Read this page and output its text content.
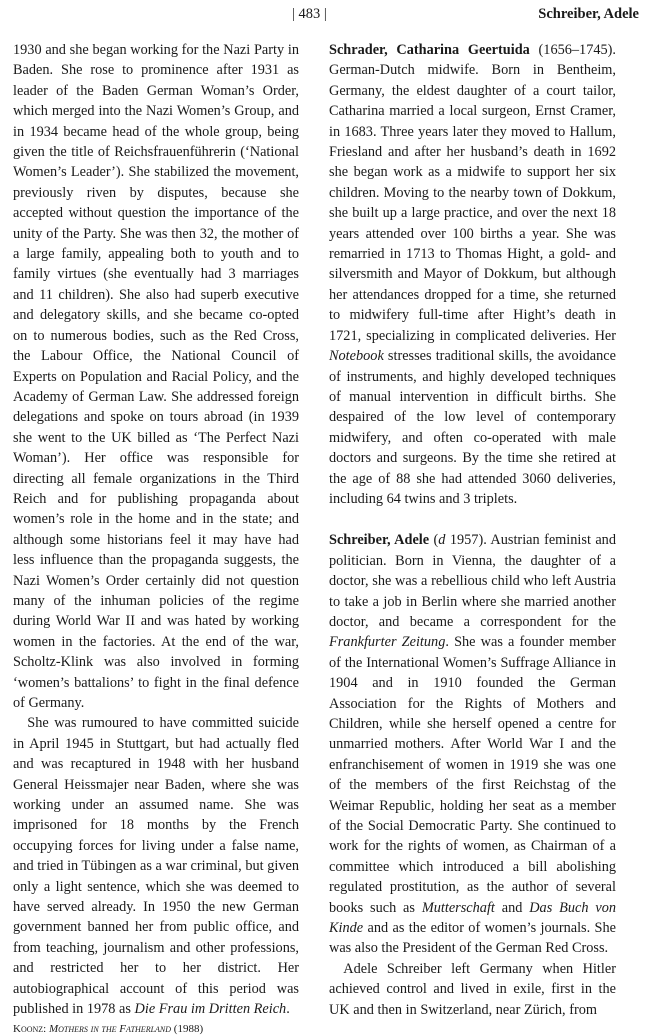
| 483 |	Schreiber, Adele

1930 and she began working for the Nazi Party in Baden. She rose to prominence after 1931 as leader of the Baden German Woman’s Order, which merged into the Nazi Women’s Group, and in 1934 became head of the whole group, being given the title of Reichsfrauenführerin (‘National Women’s Leader’). She stabilized the movement, previously riven by disputes, because she accepted without question the importance of the unity of the Party. She was then 32, the mother of a large family, appealing both to youth and to family virtues (she eventually had 3 marriages and 11 children). She also had superb executive and delegatory skills, and she became co-opted on to numerous bodies, such as the Red Cross, the Labour Office, the National Council of Experts on Population and Racial Policy, and the Academy of German Law. She addressed foreign delegations and spoke on tours abroad (in 1939 she went to the UK billed as ‘The Perfect Nazi Woman’). Her office was responsible for directing all female organizations in the Third Reich and for publishing propaganda about women’s role in the home and in the state; and although some historians feel it may have had less influence than the propaganda suggests, the Nazi Women’s Order certainly did not question many of the inhuman policies of the regime during World War II and was hated by working women in the factories. At the end of the war, Scholtz-Klink was also involved in forming ‘women’s battalions’ to fight in the final defence of Germany.

She was rumoured to have committed suicide in April 1945 in Stuttgart, but had actually fled and was recaptured in 1948 with her husband General Heissmajer near Baden, where she was working under an assumed name. She was imprisoned for 18 months by the French occupying forces for living under a false name, and tried in Tübingen as a war criminal, but given only a light sentence, which she was deemed to have served already. In 1950 the new German government banned her from public office, and from teaching, journalism and other professions, and restricted her to her district. Her autobiographical account of this period was published in 1978 as Die Frau im Dritten Reich.

Koonz: Mothers in the Fatherland (1988)

Schrader, Catharina Geertuida (1656–1745). German-Dutch midwife. Born in Bentheim, Germany, the eldest daughter of a court tailor, Catharina married a local surgeon, Ernst Cramer, in 1683. Three years later they moved to Hallum, Friesland and after her husband’s death in 1692 she began work as a midwife to support her six children. Moving to the nearby town of Dokkum, she built up a large practice, and over the next 18 years attended over 100 births a year. She was remarried in 1713 to Thomas Hight, a gold- and silversmith and Mayor of Dokkum, but although her attendances dropped for a time, she returned to midwifery full-time after Hight’s death in 1721, specializing in complicated deliveries. Her Notebook stresses traditional skills, the avoidance of instruments, and highly developed techniques of manual intervention in difficult births. She despaired of the low level of contemporary midwifery, and often co-operated with male doctors and surgeons. By the time she retired at the age of 88 she had attended 3060 deliveries, including 64 twins and 3 triplets.

Schreiber, Adele (d 1957). Austrian feminist and politician. Born in Vienna, the daughter of a doctor, she was a rebellious child who left Austria to take a job in Berlin where she married another doctor, and became a correspondent for the Frankfurter Zeitung. She was a founder member of the International Women’s Suffrage Alliance in 1904 and in 1910 founded the German Association for the Rights of Mothers and Children, while she herself opened a centre for unmarried mothers. After World War I and the enfranchisement of women in 1919 she was one of the members of the first Reichstag of the Weimar Republic, holding her seat as a member of the Social Democratic Party. She continued to work for the rights of women, as Chairman of a committee which introduced a bill abolishing regulated prostitution, as the author of several books such as Mutterschaft and Das Buch von Kinde and as the editor of women’s journals. She was also the President of the German Red Cross.

Adele Schreiber left Germany when Hitler achieved control and lived in exile, first in the UK and then in Switzerland, near Zürich, from
